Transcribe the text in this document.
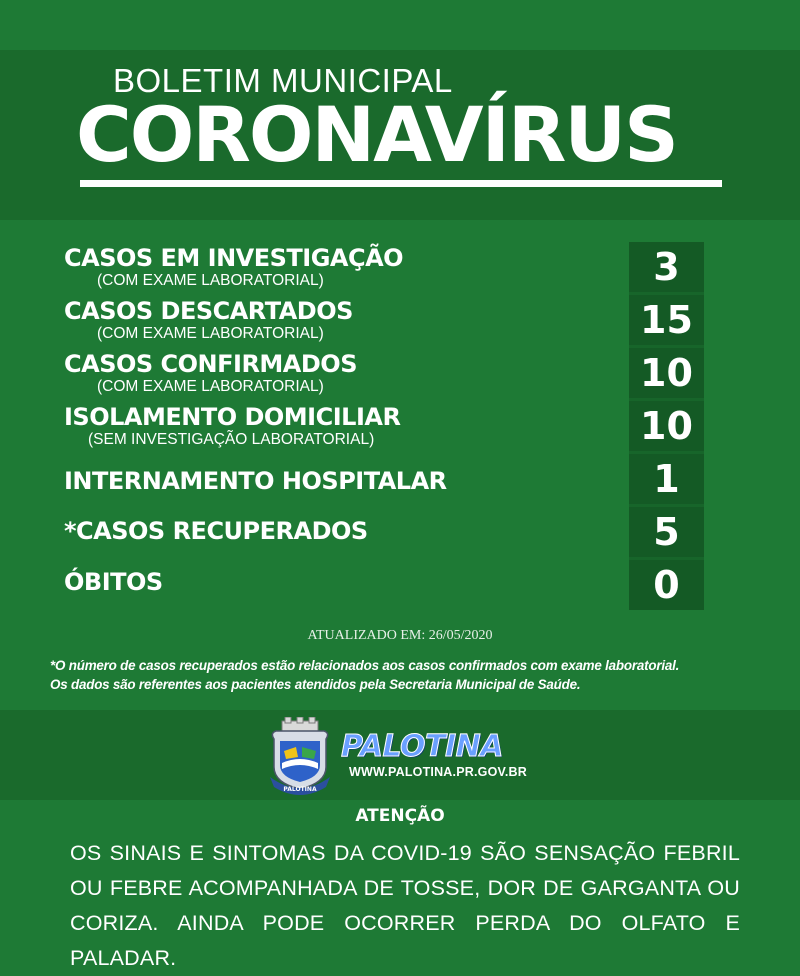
BOLETIM MUNICIPAL
CORONAVÍRUS
3
15
10
10
1
5
0
CASOS EM INVESTIGAÇÃO
(COM EXAME LABORATORIAL)
CASOS DESCARTADOS
(COM EXAME LABORATORIAL)
CASOS CONFIRMADOS
(COM EXAME LABORATORIAL)
ISOLAMENTO DOMICILIAR
(SEM INVESTIGAÇÃO LABORATORIAL)
INTERNAMENTO HOSPITALAR
*CASOS RECUPERADOS
ÓBITOS
ATUALIZADO EM: 26/05/2020
*O número de casos recuperados estão relacionados aos casos confirmados com exame laboratorial.
Os dados são referentes aos pacientes atendidos pela Secretaria Municipal de Saúde.
PALOTINA
PALOTINA
WWW.PALOTINA.PR.GOV.BR
ATENÇÃO
OS SINAIS E SINTOMAS DA COVID-19 SÃO SENSAÇÃO FEBRIL OU FEBRE ACOMPANHADA DE TOSSE, DOR DE GARGANTA OU CORIZA. AINDA PODE OCORRER PERDA DO OLFATO E PALADAR.
